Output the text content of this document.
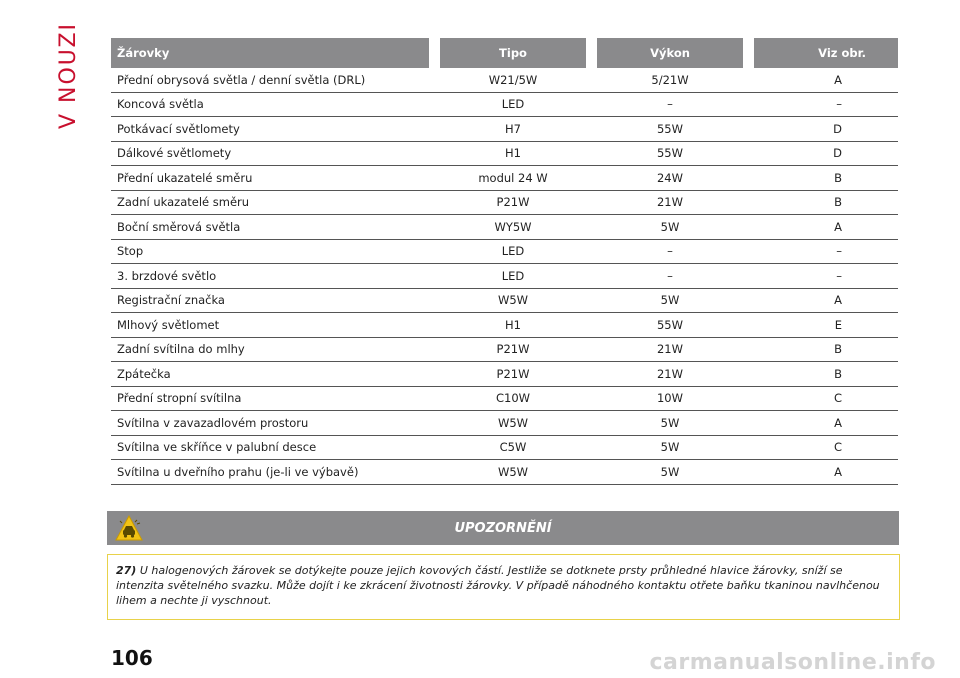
V NOUZI	Žárovky		Tipo		Výkon		Viz obr.
Přední obrysová světla / denní světla (DRL)		W21/5W		5/21W		A
Koncová světla		LED		–		–
Potkávací světlomety		H7		55W		D
Dálkové světlomety		H1		55W		D
Přední ukazatelé směru		modul 24 W		24W		B
Zadní ukazatelé směru		P21W		21W		B
Boční směrová světla		WY5W		5W		A
Stop		LED		–		–
3. brzdové světlo		LED		–		–
Registrační značka		W5W		5W		A
Mlhový světlomet		H1		55W		E
Zadní svítilna do mlhy		P21W		21W		B
Zpátečka		P21W		21W		B
Přední stropní svítilna		C10W		10W		C
Svítilna v zavazadlovém prostoru		W5W		5W		A
Svítilna ve skříňce v palubní desce		C5W		5W		C
Svítilna u dveřního prahu (je-li ve výbavě)		W5W		5W		A
UPOZORNĚNÍ
27) U halogenových žárovek se dotýkejte pouze jejich kovových částí. Jestliže se dotknete prsty průhledné hlavice žárovky, sníží se intenzita světelného svazku. Může dojít i ke zkrácení životnosti žárovky. V případě náhodného kontaktu otřete baňku tkaninou navlhčenou lihem a nechte ji vyschnout.
106	carmanualsonline.info
